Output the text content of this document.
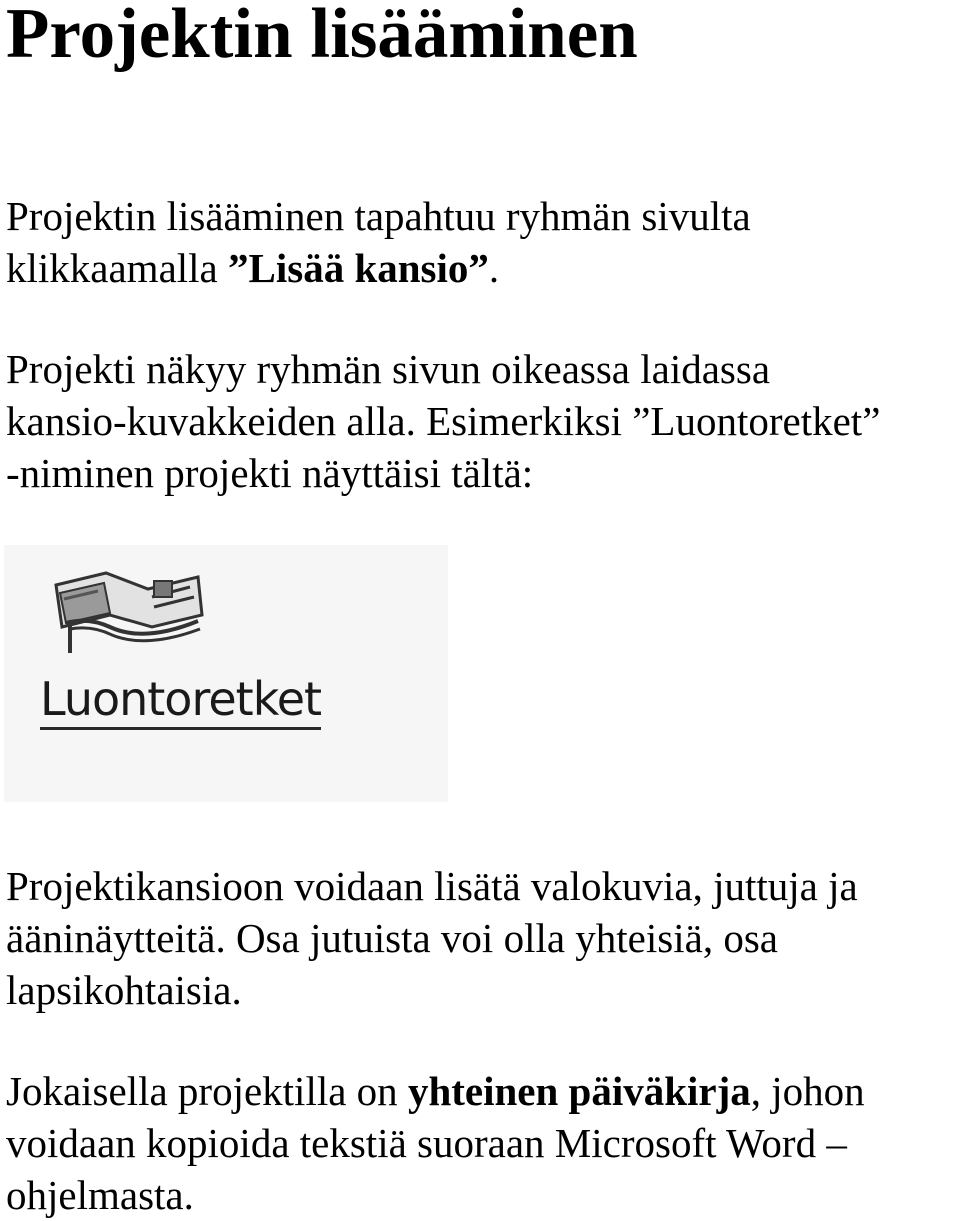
Projektin lisääminen

Projektin lisääminen tapahtuu ryhmän sivulta
klikkaamalla ”Lisää kansio”.

Projekti näkyy ryhmän sivun oikeassa laidassa
kansio-kuvakkeiden alla. Esimerkiksi ”Luontoretket”
-niminen projekti näyttäisi tältä:

Luontoretket

Projektikansioon voidaan lisätä valokuvia, juttuja ja
ääninäytteitä. Osa jutuista voi olla yhteisiä, osa
lapsikohtaisia.

Jokaisella projektilla on yhteinen päiväkirja, johon
voidaan kopioida tekstiä suoraan Microsoft Word –
ohjelmasta.
